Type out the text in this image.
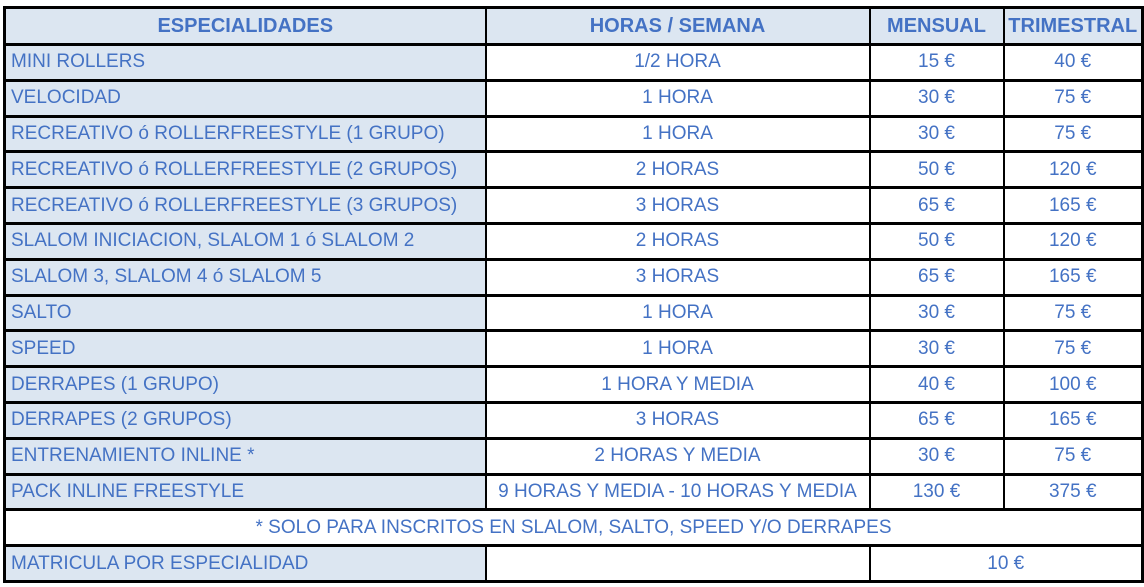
ESPECIALIDADES	HORAS / SEMANA	MENSUAL	TRIMESTRAL
MINI ROLLERS	1/2 HORA	15 €	40 €
VELOCIDAD	1 HORA	30 €	75 €
RECREATIVO ó ROLLERFREESTYLE (1 GRUPO)	1 HORA	30 €	75 €
RECREATIVO ó ROLLERFREESTYLE (2 GRUPOS)	2 HORAS	50 €	120 €
RECREATIVO ó ROLLERFREESTYLE (3 GRUPOS)	3 HORAS	65 €	165 €
SLALOM INICIACION, SLALOM 1 ó SLALOM 2	2 HORAS	50 €	120 €
SLALOM 3, SLALOM 4 ó SLALOM 5	3 HORAS	65 €	165 €
SALTO	1 HORA	30 €	75 €
SPEED	1 HORA	30 €	75 €
DERRAPES (1 GRUPO)	1 HORA Y MEDIA	40 €	100 €
DERRAPES (2 GRUPOS)	3 HORAS	65 €	165 €
ENTRENAMIENTO INLINE *	2 HORAS Y MEDIA	30 €	75 €
PACK INLINE FREESTYLE	9 HORAS Y MEDIA - 10 HORAS Y MEDIA	130 €	375 €
* SOLO PARA INSCRITOS EN SLALOM, SALTO, SPEED Y/O DERRAPES			
MATRICULA POR ESPECIALIDAD		10 €	
